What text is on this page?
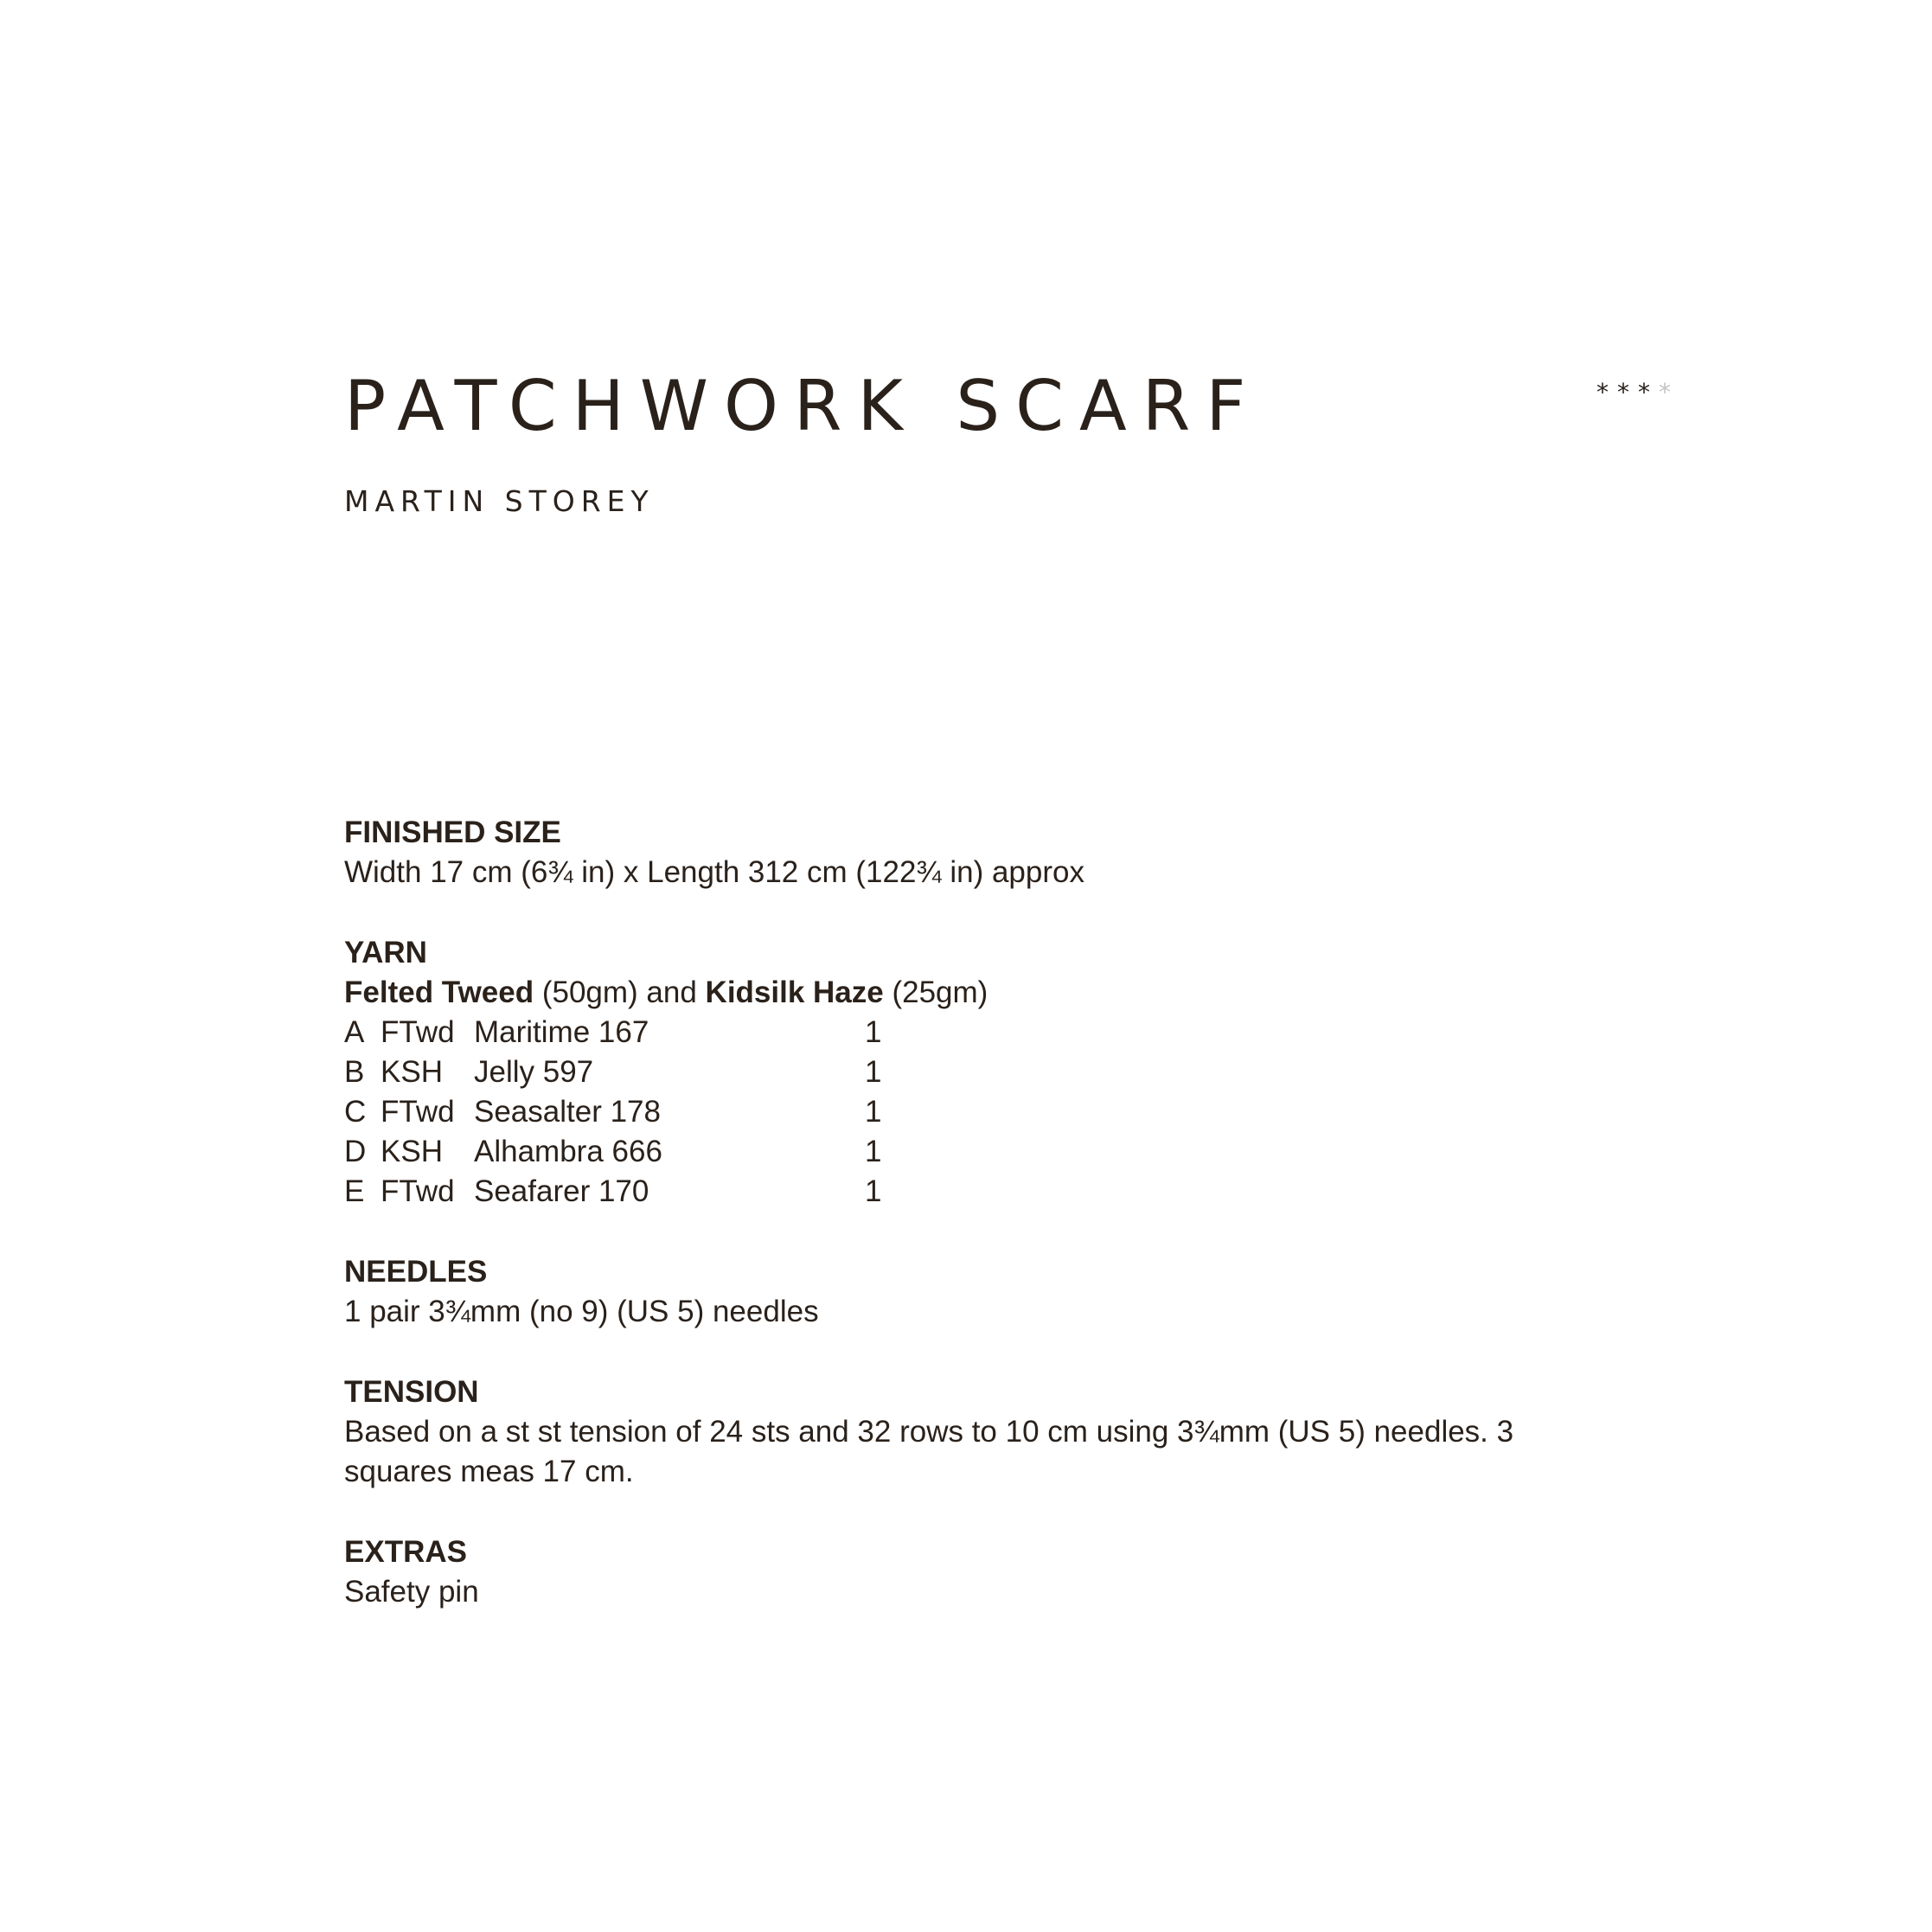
PATCHWORK SCARF
MARTIN STOREY
* * * *
FINISHED SIZE

Width 17 cm (6¾ in) x Length 312 cm (122¾ in) approx

YARN

Felted Tweed (50gm) and Kidsilk Haze (25gm)

A FTwd Maritime 167	1
B KSH	Jelly 597	1
C FTwd Seasalter 178	1
D KSH	Alhambra 666	1
E FTwd Seafarer 170	1
NEEDLES

1 pair 3¾mm (no 9) (US 5) needles

TENSION

Based on a st st tension of 24 sts and 32 rows to 10 cm using 3¾mm (US 5) needles. 3

squares meas 17 cm.

EXTRAS

Safety pin
